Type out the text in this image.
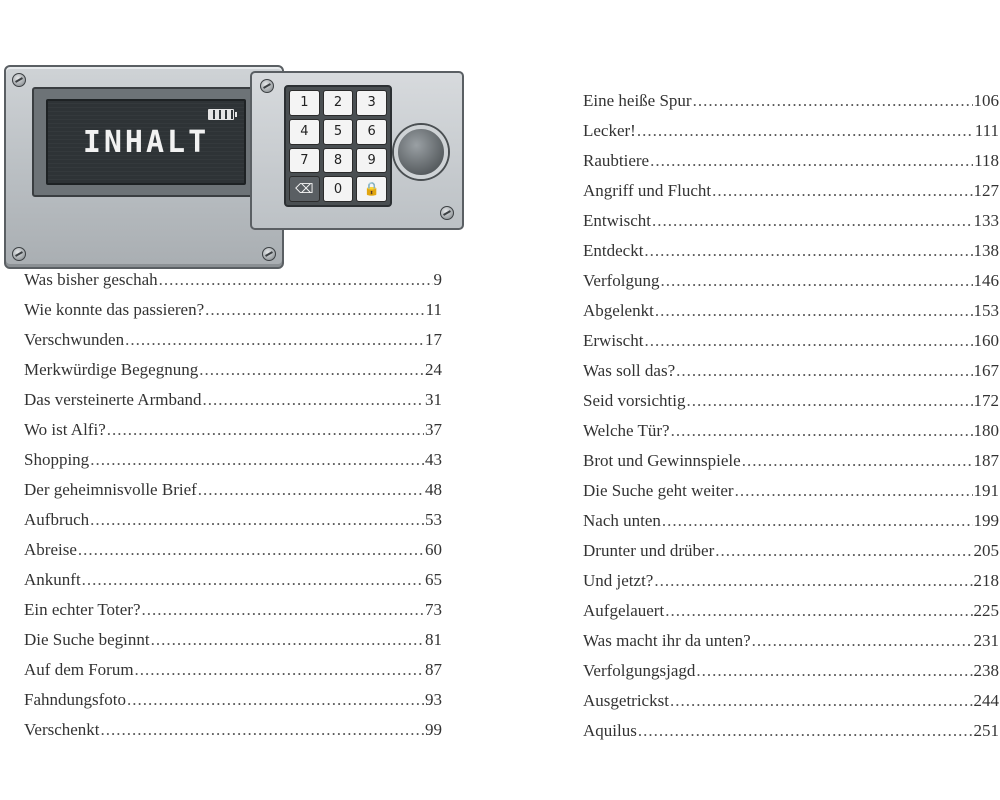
INHALT
1	2	3
4	5	6
7	8	9
⌫	0	🔒
Was bisher geschah .....	9
Wie konnte das passieren? .....	11
Verschwunden .....	17
Merkwürdige Begegnung .....	24
Das versteinerte Armband .....	31
Wo ist Alfi? .....	37
Shopping .....	43
Der geheimnisvolle Brief .....	48
Aufbruch .....	53
Abreise .....	60
Ankunft .....	65
Ein echter Toter? .....	73
Die Suche beginnt .....	81
Auf dem Forum .....	87
Fahndungsfoto .....	93
Verschenkt .....	99
Eine heiße Spur .....	106
Lecker! .....	111
Raubtiere .....	118
Angriff und Flucht .....	127
Entwischt .....	133
Entdeckt .....	138
Verfolgung .....	146
Abgelenkt .....	153
Erwischt .....	160
Was soll das? .....	167
Seid vorsichtig .....	172
Welche Tür? .....	180
Brot und Gewinnspiele .....	187
Die Suche geht weiter .....	191
Nach unten .....	199
Drunter und drüber .....	205
Und jetzt? .....	218
Aufgelauert .....	225
Was macht ihr da unten? .....	231
Verfolgungsjagd .....	238
Ausgetrickst .....	244
Aquilus .....	251
